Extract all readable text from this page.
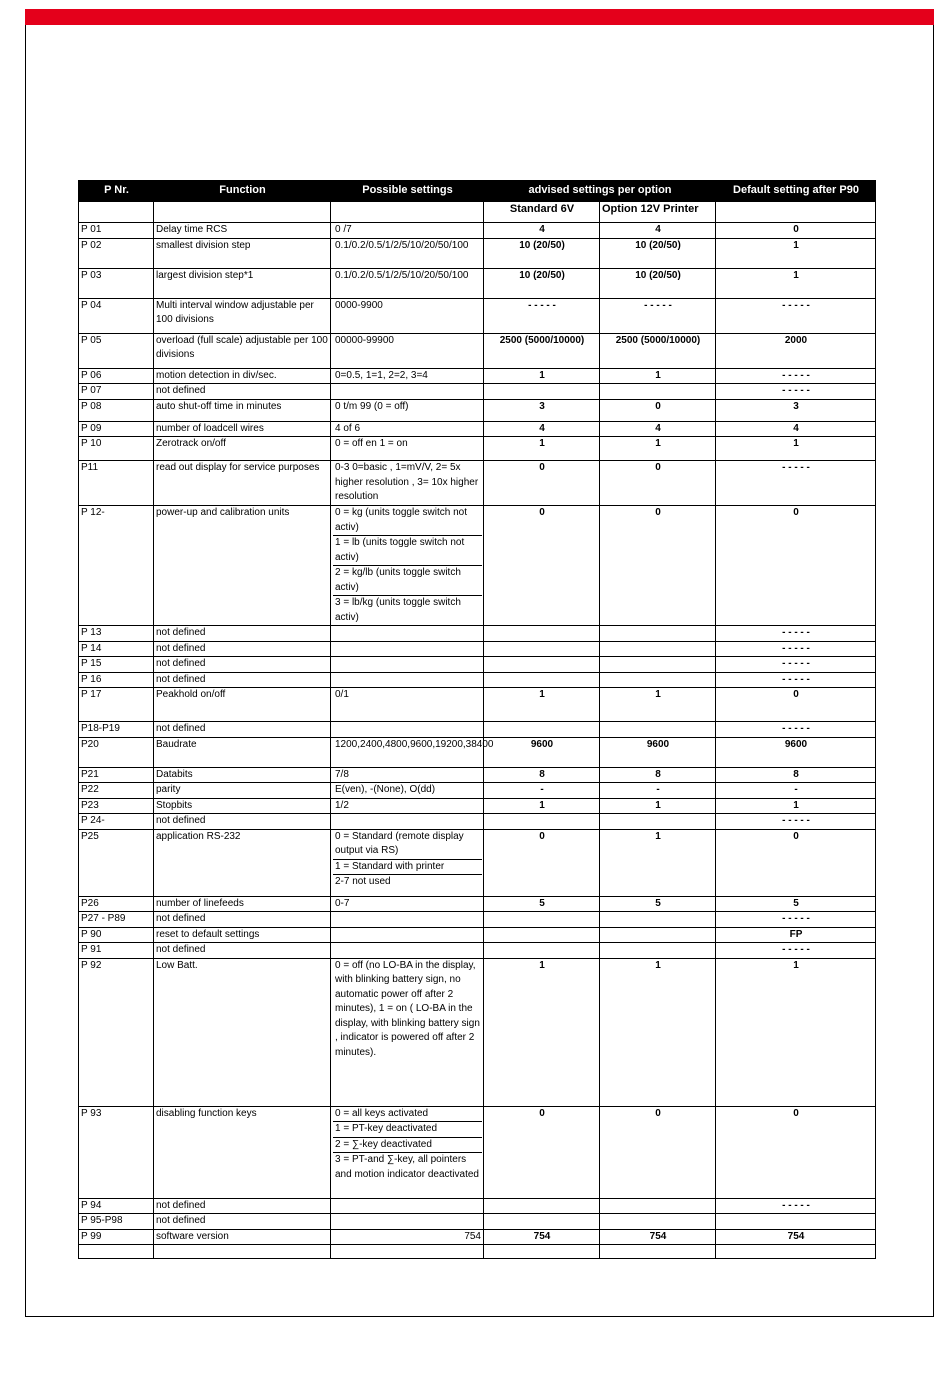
P Nr.	Function	Possible settings	advised settings per option		Default setting after P90
			Standard 6V	Option 12V Printer	
P 01	Delay time RCS	0 /7	4	4	0
P 02	smallest division step	0.1/0.2/0.5/1/2/5/10/20/50/100	10 (20/50)	10 (20/50)	1
P 03	largest division step*1	0.1/0.2/0.5/1/2/5/10/20/50/100	10 (20/50)	10 (20/50)	1
P 04	Multi interval window adjustable per 100 divisions	0000-9900	- - - - -	- - - - -	- - - - -
P 05	overload (full scale) adjustable per 100 divisions	00000-99900	2500 (5000/10000)	2500 (5000/10000)	2000
P 06	motion detection in div/sec.	0=0.5, 1=1, 2=2, 3=4	1	1	- - - - -
P 07	not defined				- - - - -
P 08	auto shut-off time in minutes	0 t/m 99 (0 = off)	3	0	3
P 09	number of loadcell wires	4 of 6	4	4	4
P 10	Zerotrack on/off	0 = off en 1 = on	1	1	1
P11	read out display for service purposes	0-3 0=basic , 1=mV/V, 2= 5x higher resolution , 3= 10x higher resolution	0	0	- - - - -
P 12-	power-up and calibration units	0 = kg (units toggle switch not activ)
1 = lb (units toggle switch not activ)
2 = kg/lb (units toggle switch activ)
3 = lb/kg (units toggle switch activ)	0	0	0
P 13	not defined				- - - - -
P 14	not defined				- - - - -
P 15	not defined				- - - - -
P 16	not defined				- - - - -
P 17	Peakhold on/off	0/1	1	1	0
P18-P19	not defined				- - - - -
P20	Baudrate	1200,2400,4800,9600,19200,38400	9600	9600	9600
P21	Databits	7/8	8	8	8
P22	parity	E(ven), -(None), O(dd)	-	-	-
P23	Stopbits	1/2	1	1	1
P 24-	not defined				- - - - -
P25	application RS-232	0 = Standard (remote display output via RS)
1 = Standard with printer
2-7 not used	0	1	0
P26	number of linefeeds	0-7	5	5	5
P27 - P89	not defined				- - - - -
P 90	reset to default settings				FP
P 91	not defined				- - - - -
P 92	Low Batt.	0 = off (no LO-BA in the display, with blinking battery sign, no automatic power off after 2 minutes), 1 = on ( LO-BA in the display, with blinking battery sign , indicator is powered off after 2 minutes).	1	1	1
P 93	disabling function keys	0 = all keys activated
1 = PT-key deactivated
2 = ∑-key deactivated
3 = PT-and ∑-key, all pointers and motion indicator deactivated	0	0	0
P 94	not defined				- - - - -
P 95-P98	not defined	

P 99	software version	754	754	754	754
